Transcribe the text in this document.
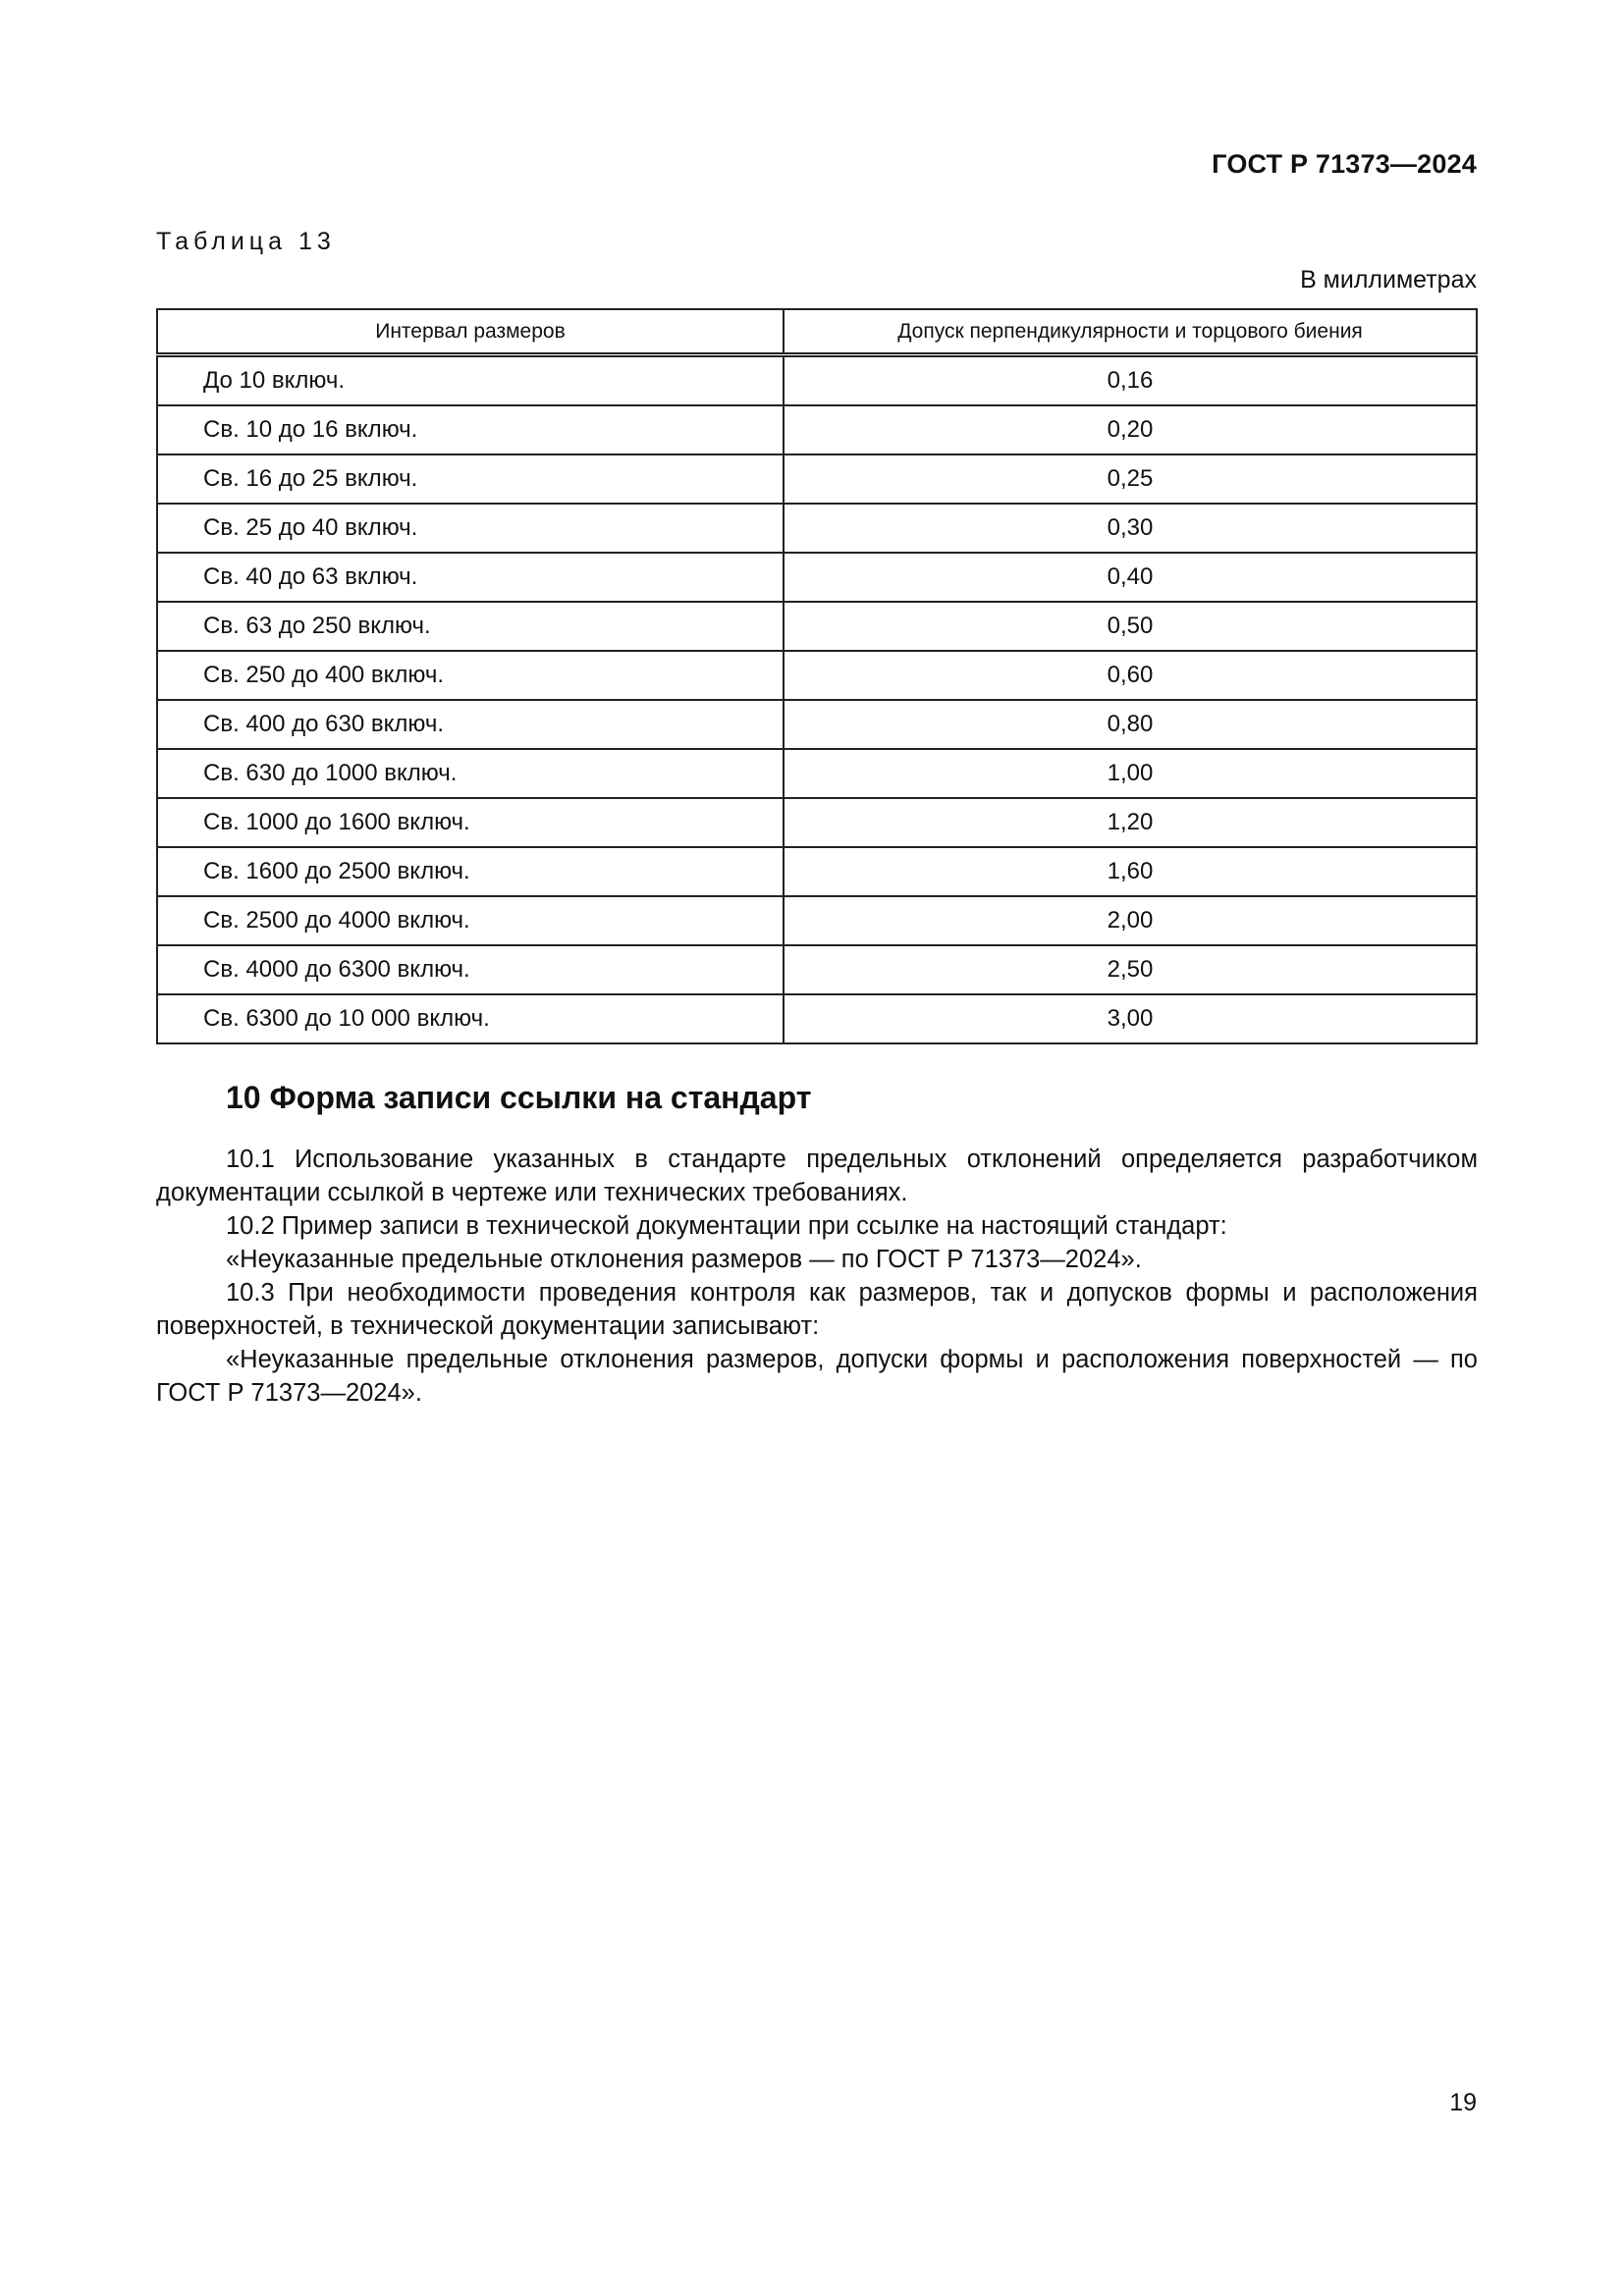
ГОСТ Р 71373—2024
Таблица 13
В миллиметрах
Интервал размеров	Допуск перпендикулярности и торцового биения
До 10 включ.	0,16
Св. 10 до 16 включ.	0,20
Св. 16 до 25 включ.	0,25
Св. 25 до 40 включ.	0,30
Св. 40 до 63 включ.	0,40
Св. 63 до 250 включ.	0,50
Св. 250 до 400 включ.	0,60
Св. 400 до 630 включ.	0,80
Св. 630 до 1000 включ.	1,00
Св. 1000 до 1600 включ.	1,20
Св. 1600 до 2500 включ.	1,60
Св. 2500 до 4000 включ.	2,00
Св. 4000 до 6300 включ.	2,50
Св. 6300 до 10 000 включ.	3,00
10 Форма записи ссылки на стандарт

10.1 Использование указанных в стандарте предельных отклонений определяется разработчиком документации ссылкой в чертеже или технических требованиях.

10.2 Пример записи в технической документации при ссылке на настоящий стандарт:

«Неуказанные предельные отклонения размеров — по ГОСТ Р 71373—2024».

10.3 При необходимости проведения контроля как размеров, так и допусков формы и расположения поверхностей, в технической документации записывают:

«Неуказанные предельные отклонения размеров, допуски формы и расположения поверхностей — по ГОСТ Р 71373—2024».

19
